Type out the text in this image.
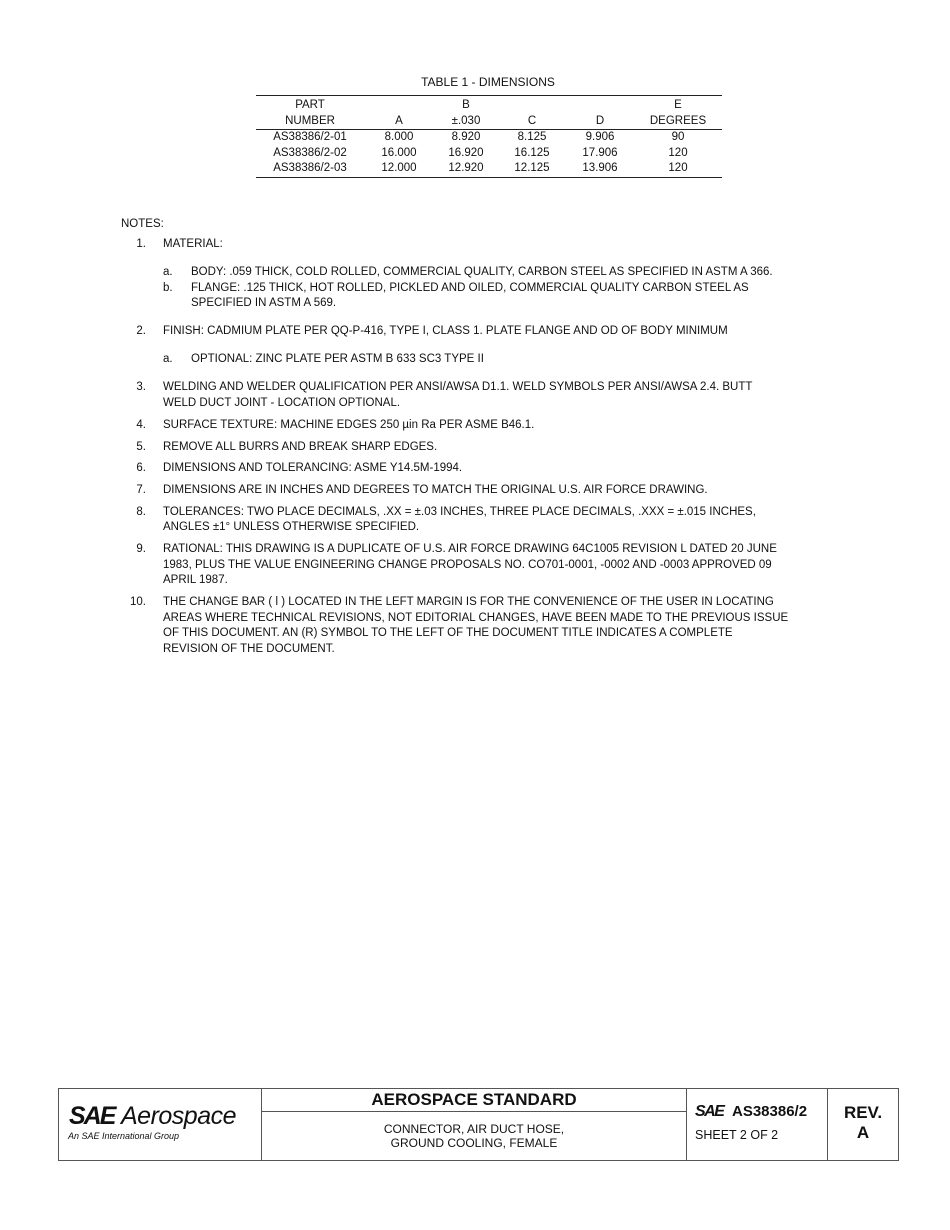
TABLE 1 - DIMENSIONS
PART		B			E
NUMBER	A	±.030	C	D	DEGREES
AS38386/2-01	8.000	8.920	8.125	9.906	90
AS38386/2-02	16.000	16.920	16.125	17.906	120
AS38386/2-03	12.000	12.920	12.125	13.906	120
NOTES:
1. MATERIAL:
a. BODY: .059 THICK, COLD ROLLED, COMMERCIAL QUALITY, CARBON STEEL AS SPECIFIED IN ASTM A 366.
b. FLANGE: .125 THICK, HOT ROLLED, PICKLED AND OILED, COMMERCIAL QUALITY CARBON STEEL AS
SPECIFIED IN ASTM A 569.
2. FINISH: CADMIUM PLATE PER QQ-P-416, TYPE I, CLASS 1. PLATE FLANGE AND OD OF BODY MINIMUM
a. OPTIONAL: ZINC PLATE PER ASTM B 633 SC3 TYPE II
3. WELDING AND WELDER QUALIFICATION PER ANSI/AWSA D1.1. WELD SYMBOLS PER ANSI/AWSA 2.4. BUTT
WELD DUCT JOINT - LOCATION OPTIONAL.
4. SURFACE TEXTURE: MACHINE EDGES 250 µin Ra PER ASME B46.1.
5. REMOVE ALL BURRS AND BREAK SHARP EDGES.
6. DIMENSIONS AND TOLERANCING: ASME Y14.5M-1994.
7. DIMENSIONS ARE IN INCHES AND DEGREES TO MATCH THE ORIGINAL U.S. AIR FORCE DRAWING.
8. TOLERANCES: TWO PLACE DECIMALS, .XX = ±.03 INCHES, THREE PLACE DECIMALS, .XXX = ±.015 INCHES,
ANGLES ±1° UNLESS OTHERWISE SPECIFIED.
9. RATIONAL: THIS DRAWING IS A DUPLICATE OF U.S. AIR FORCE DRAWING 64C1005 REVISION L DATED 20 JUNE
1983, PLUS THE VALUE ENGINEERING CHANGE PROPOSALS NO. CO701-0001, -0002 AND -0003 APPROVED 09
APRIL 1987.
10. THE CHANGE BAR ( l ) LOCATED IN THE LEFT MARGIN IS FOR THE CONVENIENCE OF THE USER IN LOCATING
AREAS WHERE TECHNICAL REVISIONS, NOT EDITORIAL CHANGES, HAVE BEEN MADE TO THE PREVIOUS ISSUE
OF THIS DOCUMENT. AN (R) SYMBOL TO THE LEFT OF THE DOCUMENT TITLE INDICATES A COMPLETE
REVISION OF THE DOCUMENT.
SAE Aerospace
An SAE International Group
AEROSPACE STANDARD
CONNECTOR, AIR DUCT HOSE,
GROUND COOLING, FEMALE
SAE AS38386/2
SHEET 2 OF 2
REV.
A
